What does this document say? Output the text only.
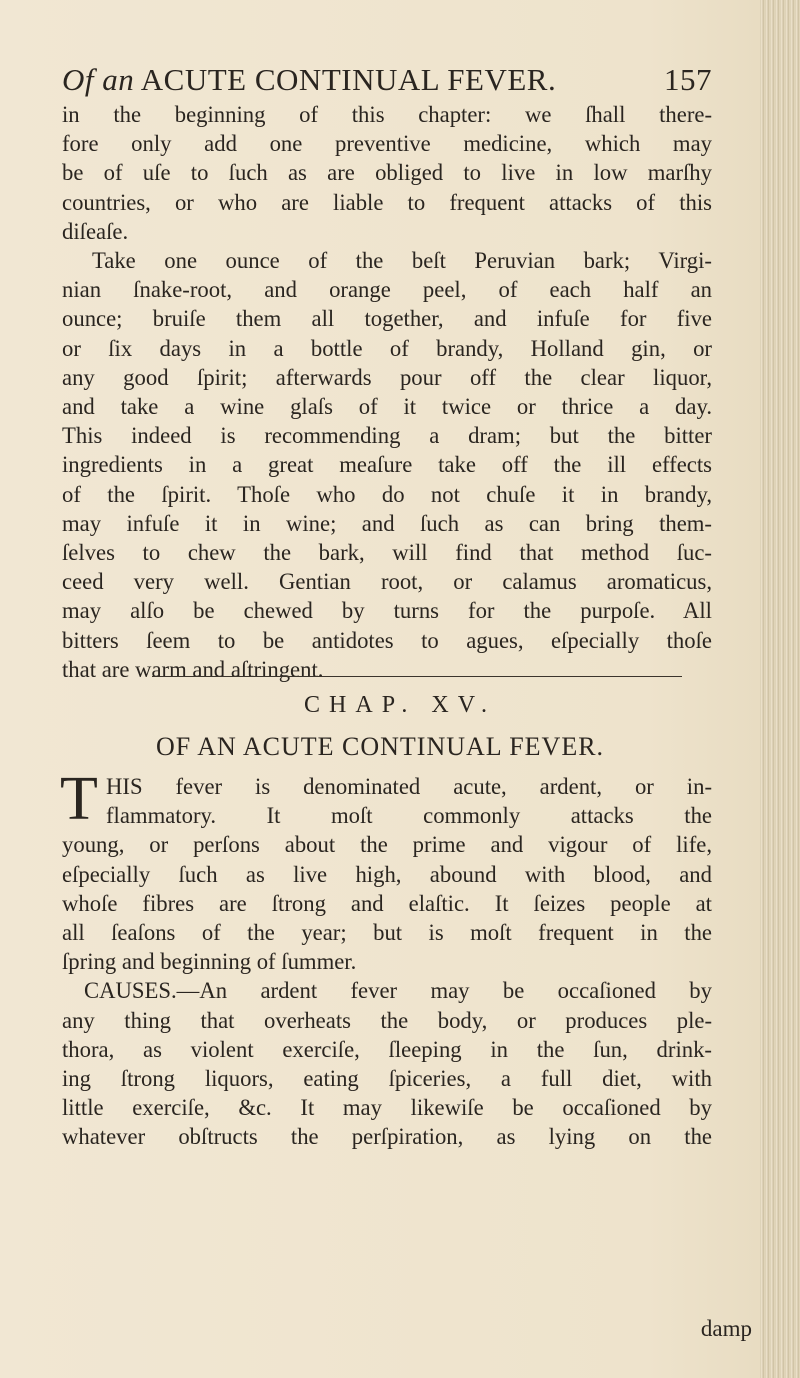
Of an ACUTE CONTINUAL FEVER.	157
in the beginning of this chapter: we ſhall there-
fore only add one preventive medicine, which may
be of uſe to ſuch as are obliged to live in low marſhy
countries, or who are liable to frequent attacks of this
diſeaſe.
Take one ounce of the beſt Peruvian bark; Virgi-
nian ſnake-root, and orange peel, of each half an
ounce; bruiſe them all together, and infuſe for five
or ſix days in a bottle of brandy, Holland gin, or
any good ſpirit; afterwards pour off the clear liquor,
and take a wine glaſs of it twice or thrice a day.
This indeed is recommending a dram; but the bitter
ingredients in a great meaſure take off the ill effects
of the ſpirit. Thoſe who do not chuſe it in brandy,
may infuſe it in wine; and ſuch as can bring them-
ſelves to chew the bark, will find that method ſuc-
ceed very well. Gentian root, or calamus aromaticus,
may alſo be chewed by turns for the purpoſe. All
bitters ſeem to be antidotes to agues, eſpecially thoſe
that are warm and aſtringent.
CHAP. XV.
OF AN ACUTE CONTINUAL FEVER.
T HIS fever is denominated acute, ardent, or in-
flammatory. It moſt commonly attacks the
young, or perſons about the prime and vigour of life,
eſpecially ſuch as live high, abound with blood, and
whoſe fibres are ſtrong and elaſtic. It ſeizes people at
all ſeaſons of the year; but is moſt frequent in the
ſpring and beginning of ſummer.
CAUSES.—An ardent fever may be occaſioned by
any thing that overheats the body, or produces ple-
thora, as violent exerciſe, ſleeping in the ſun, drink-
ing ſtrong liquors, eating ſpiceries, a full diet, with
little exerciſe, &c. It may likewiſe be occaſioned by
whatever obſtructs the perſpiration, as lying on the
damp
